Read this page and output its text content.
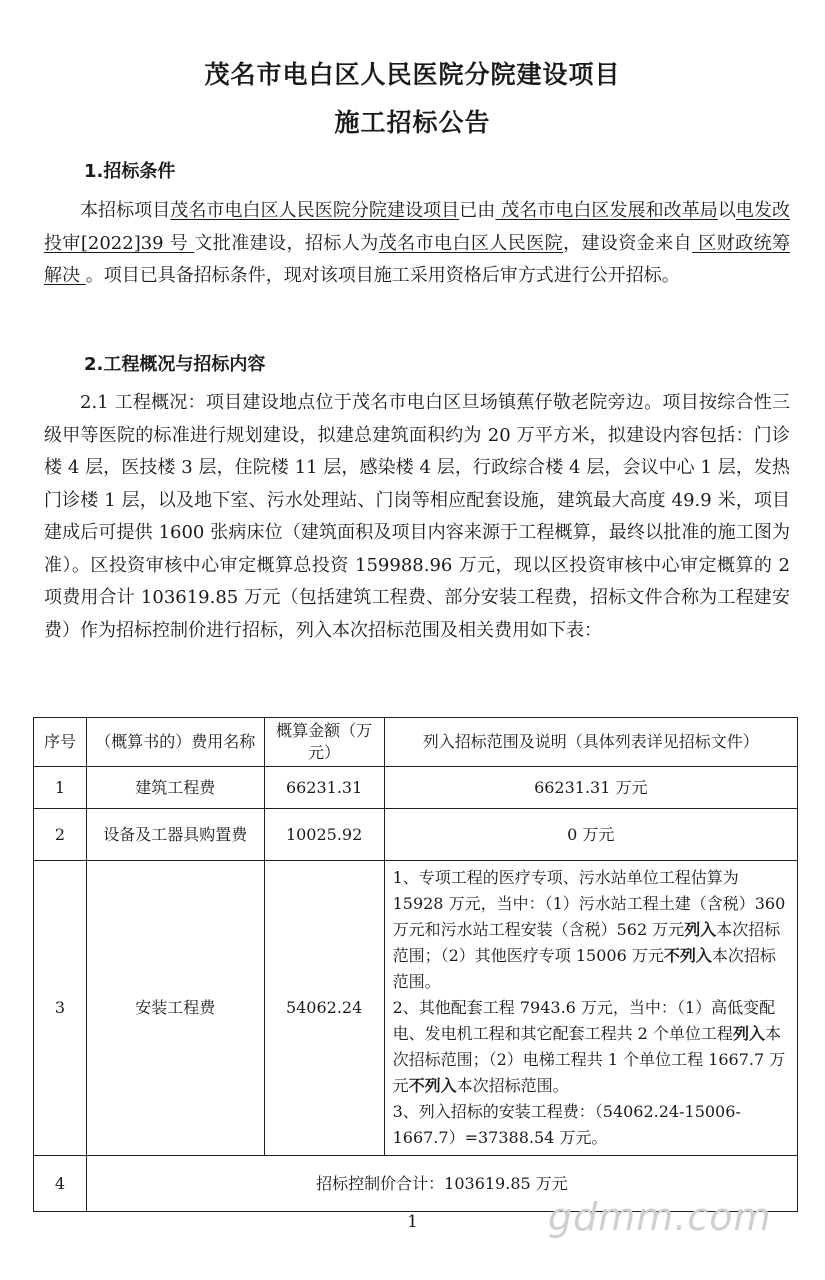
茂名市电白区人民医院分院建设项目
施工招标公告
1.招标条件

本招标项目茂名市电白区人民医院分院建设项目已由 茂名市电白区发展和改革局以电发改投审[2022]39 号 文批准建设，招标人为茂名市电白区人民医院，建设资金来自 区财政统筹解决 。项目已具备招标条件，现对该项目施工采用资格后审方式进行公开招标。

2.工程概况与招标内容

2.1 工程概况：项目建设地点位于茂名市电白区旦场镇蕉仔敬老院旁边。项目按综合性三级甲等医院的标准进行规划建设，拟建总建筑面积约为 20 万平方米，拟建设内容包括：门诊楼 4 层，医技楼 3 层，住院楼 11 层，感染楼 4 层，行政综合楼 4 层，会议中心 1 层，发热门诊楼 1 层，以及地下室、污水处理站、门岗等相应配套设施，建筑最大高度 49.9 米，项目建成后可提供 1600 张病床位（建筑面积及项目内容来源于工程概算，最终以批准的施工图为准）。区投资审核中心审定概算总投资 159988.96 万元，现以区投资审核中心审定概算的 2 项费用合计 103619.85 万元（包括建筑工程费、部分安装工程费，招标文件合称为工程建安费）作为招标控制价进行招标，列入本次招标范围及相关费用如下表：

序号	（概算书的）费用名称	概算金额（万元）	列入招标范围及说明（具体列表详见招标文件）
1	建筑工程费	66231.31	66231.31 万元
2	设备及工器具购置费	10025.92	0 万元
3	安装工程费	54062.24	1、专项工程的医疗专项、污水站单位工程估算为 15928 万元，当中：（1）污水站工程土建（含税）360 万元和污水站工程安装（含税）562 万元列入本次招标范围；（2）其他医疗专项 15006 万元不列入本次招标范围。

2、其他配套工程 7943.6 万元，当中：（1）高低变配电、发电机工程和其它配套工程共 2 个单位工程列入本次招标范围；（2）电梯工程共 1 个单位工程 1667.7 万元不列入本次招标范围。

3、列入招标的安装工程费：（54062.24-15006-1667.7）=37388.54 万元。

4	招标控制价合计：103619.85 万元		
1	gdmm.com
